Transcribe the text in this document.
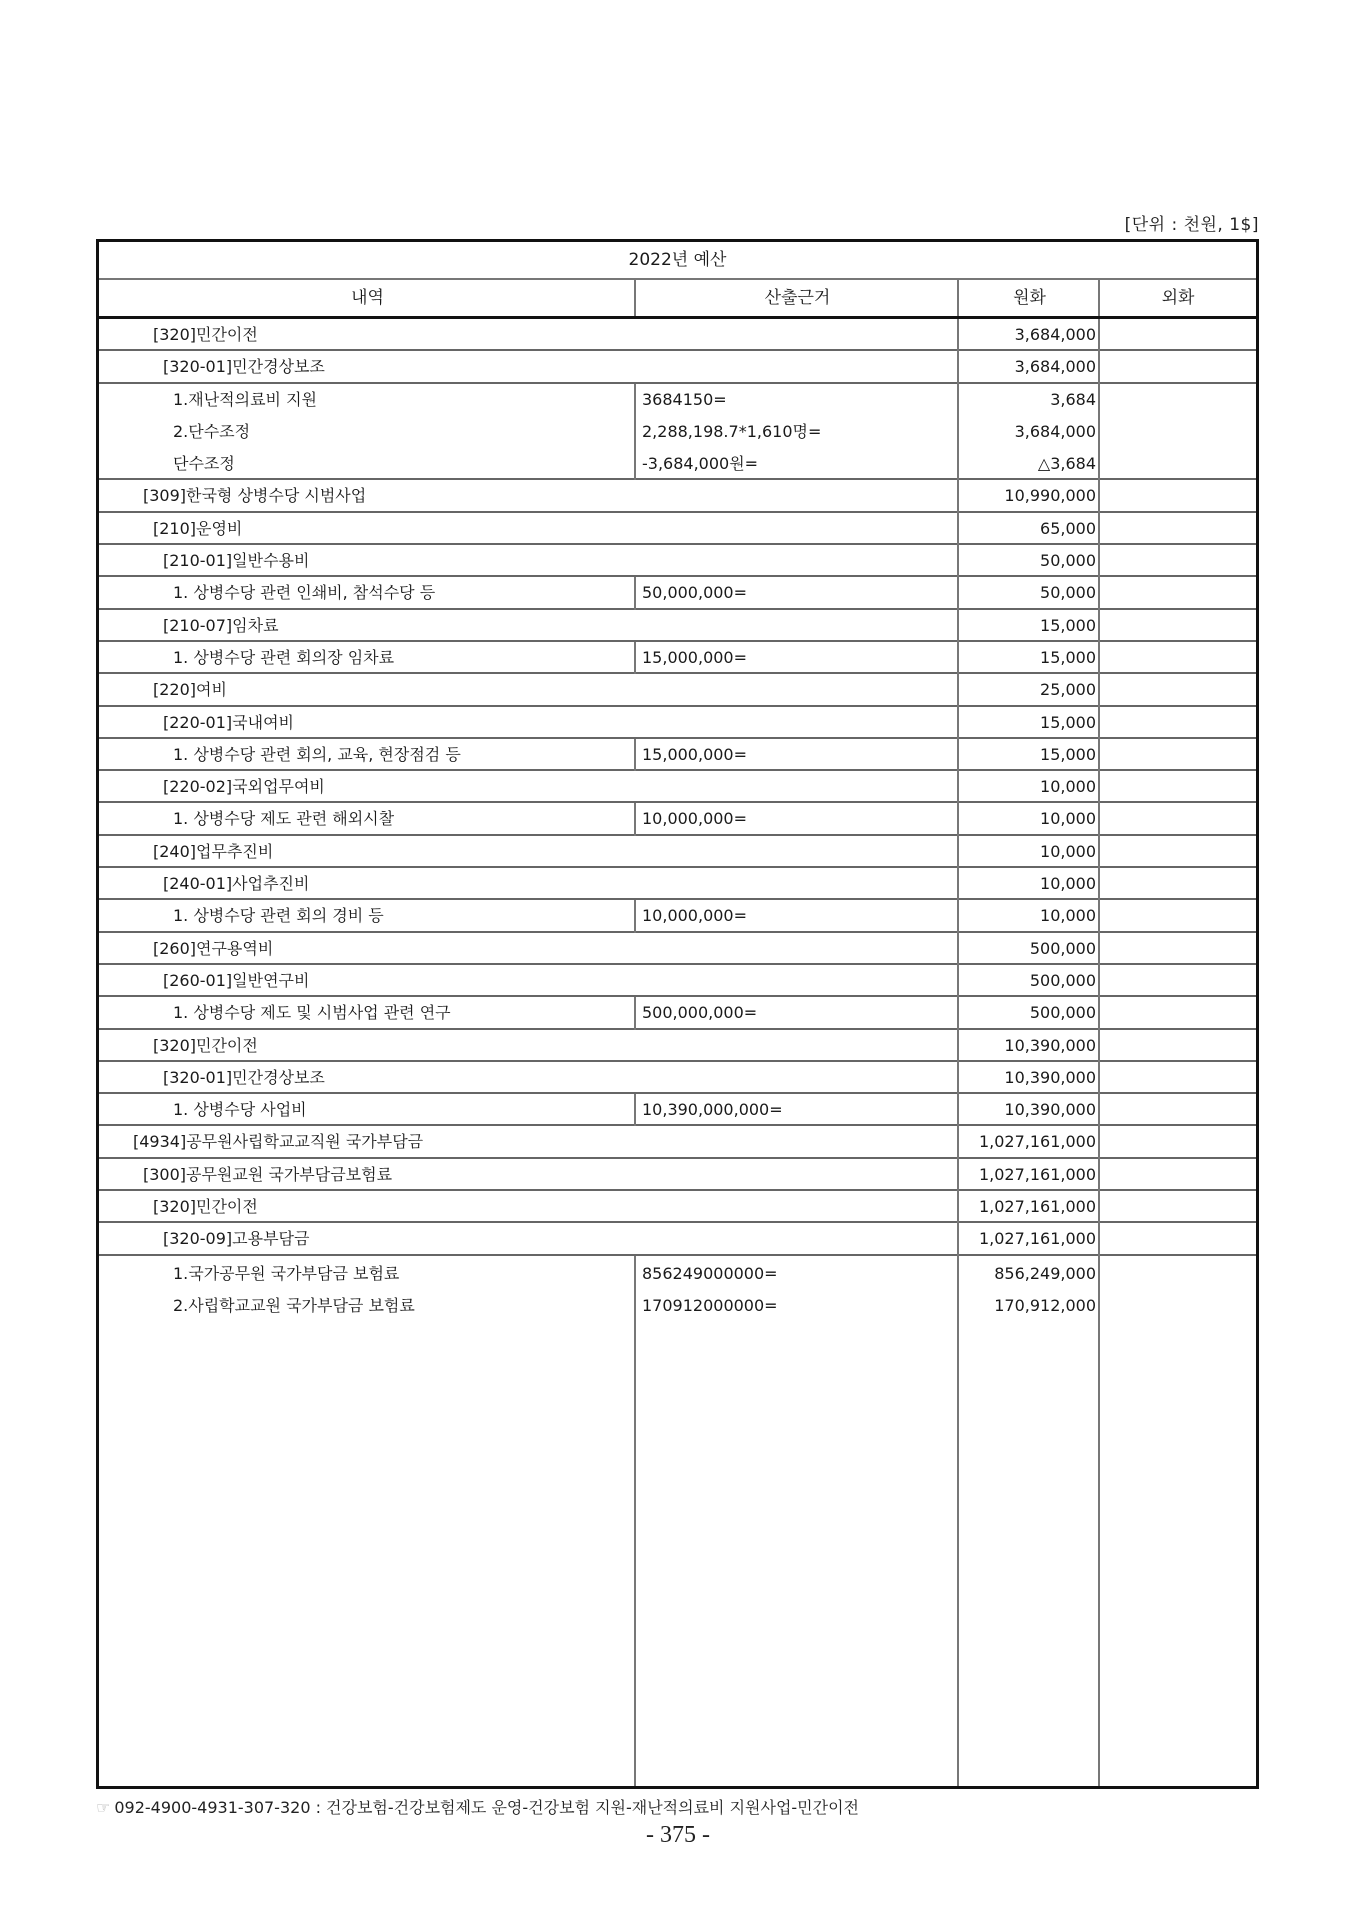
[단위 : 천원, 1$]
2022년 예산
내역	산출근거	원화	외화
[320]민간이전	3,684,000
[320-01]민간경상보조	3,684,000
1.재난적의료비 지원	3684150=	3,684
2.단수조정	2,288,198.7*1,610명=	3,684,000
단수조정	-3,684,000원=	△3,684
[309]한국형 상병수당 시범사업	10,990,000
[210]운영비	65,000
[210-01]일반수용비	50,000
1. 상병수당 관련 인쇄비, 참석수당 등	50,000,000=	50,000
[210-07]임차료	15,000
1. 상병수당 관련 회의장 임차료	15,000,000=	15,000
[220]여비	25,000
[220-01]국내여비	15,000
1. 상병수당 관련 회의, 교육, 현장점검 등	15,000,000=	15,000
[220-02]국외업무여비	10,000
1. 상병수당 제도 관련 해외시찰	10,000,000=	10,000
[240]업무추진비	10,000
[240-01]사업추진비	10,000
1. 상병수당 관련 회의 경비 등	10,000,000=	10,000
[260]연구용역비	500,000
[260-01]일반연구비	500,000
1. 상병수당 제도 및 시범사업 관련 연구	500,000,000=	500,000
[320]민간이전	10,390,000
[320-01]민간경상보조	10,390,000
1. 상병수당 사업비	10,390,000,000=	10,390,000
[4934]공무원사립학교교직원 국가부담금	1,027,161,000
[300]공무원교원 국가부담금보험료	1,027,161,000
[320]민간이전	1,027,161,000
[320-09]고용부담금	1,027,161,000
1.국가공무원 국가부담금 보험료	856249000000=	856,249,000
2.사립학교교원 국가부담금 보험료	170912000000=	170,912,000
☞ 092-4900-4931-307-320 : 건강보험-건강보험제도 운영-건강보험 지원-재난적의료비 지원사업-민간이전
- 375 -
